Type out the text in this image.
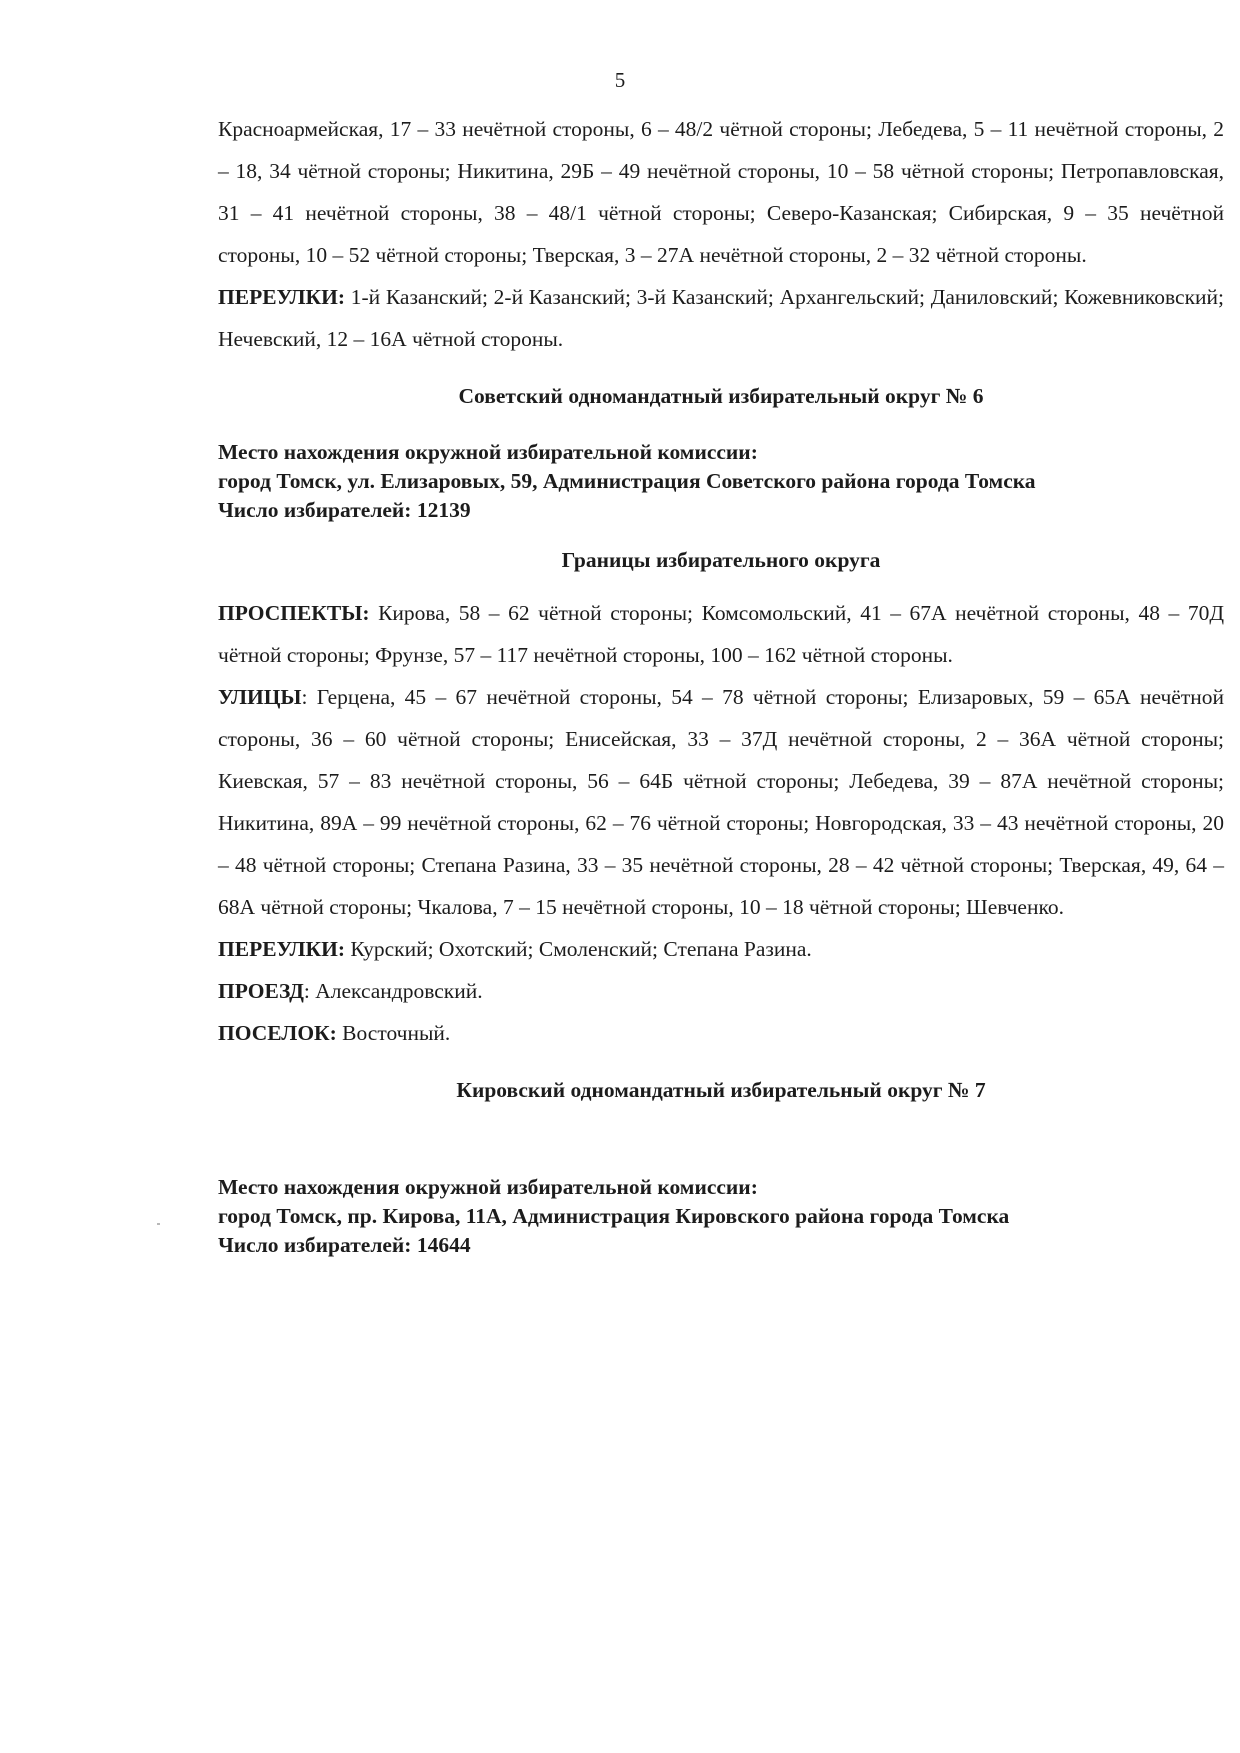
5

Красноармейская, 17 – 33 нечётной стороны, 6 – 48/2 чётной стороны; Лебедева, 5 – 11 нечётной стороны, 2 – 18, 34 чётной стороны; Никитина, 29Б – 49 нечётной стороны, 10 – 58 чётной стороны; Петропавловская, 31 – 41 нечётной стороны, 38 – 48/1 чётной стороны; Северо-Казанская; Сибирская, 9 – 35 нечётной стороны, 10 – 52 чётной стороны; Тверская, 3 – 27А нечётной стороны, 2 – 32 чётной стороны.

ПЕРЕУЛКИ: 1-й Казанский; 2-й Казанский; 3-й Казанский; Архангельский; Даниловский; Кожевниковский; Нечевский, 12 – 16А чётной стороны.

Советский одномандатный избирательный округ № 6

Место нахождения окружной избирательной комиссии:

город Томск, ул. Елизаровых, 59, Администрация Советского района города Томска

Число избирателей: 12139

Границы избирательного округа

ПРОСПЕКТЫ: Кирова, 58 – 62 чётной стороны; Комсомольский, 41 – 67А нечётной стороны, 48 – 70Д чётной стороны; Фрунзе, 57 – 117 нечётной стороны, 100 – 162 чётной стороны.

УЛИЦЫ: Герцена, 45 – 67 нечётной стороны, 54 – 78 чётной стороны; Елизаровых, 59 – 65А нечётной стороны, 36 – 60 чётной стороны; Енисейская, 33 – 37Д нечётной стороны, 2 – 36А чётной стороны; Киевская, 57 – 83 нечётной стороны, 56 – 64Б чётной стороны; Лебедева, 39 – 87А нечётной стороны; Никитина, 89А – 99 нечётной стороны, 62 – 76 чётной стороны; Новгородская, 33 – 43 нечётной стороны, 20 – 48 чётной стороны; Степана Разина, 33 – 35 нечётной стороны, 28 – 42 чётной стороны; Тверская, 49, 64 – 68А чётной стороны; Чкалова, 7 – 15 нечётной стороны, 10 – 18 чётной стороны; Шевченко.

ПЕРЕУЛКИ: Курский; Охотский; Смоленский; Степана Разина.

ПРОЕЗД: Александровский.

ПОСЕЛОК: Восточный.

Кировский одномандатный избирательный округ № 7

Место нахождения окружной избирательной комиссии:

город Томск, пр. Кирова, 11А, Администрация Кировского района города Томска

Число избирателей: 14644
